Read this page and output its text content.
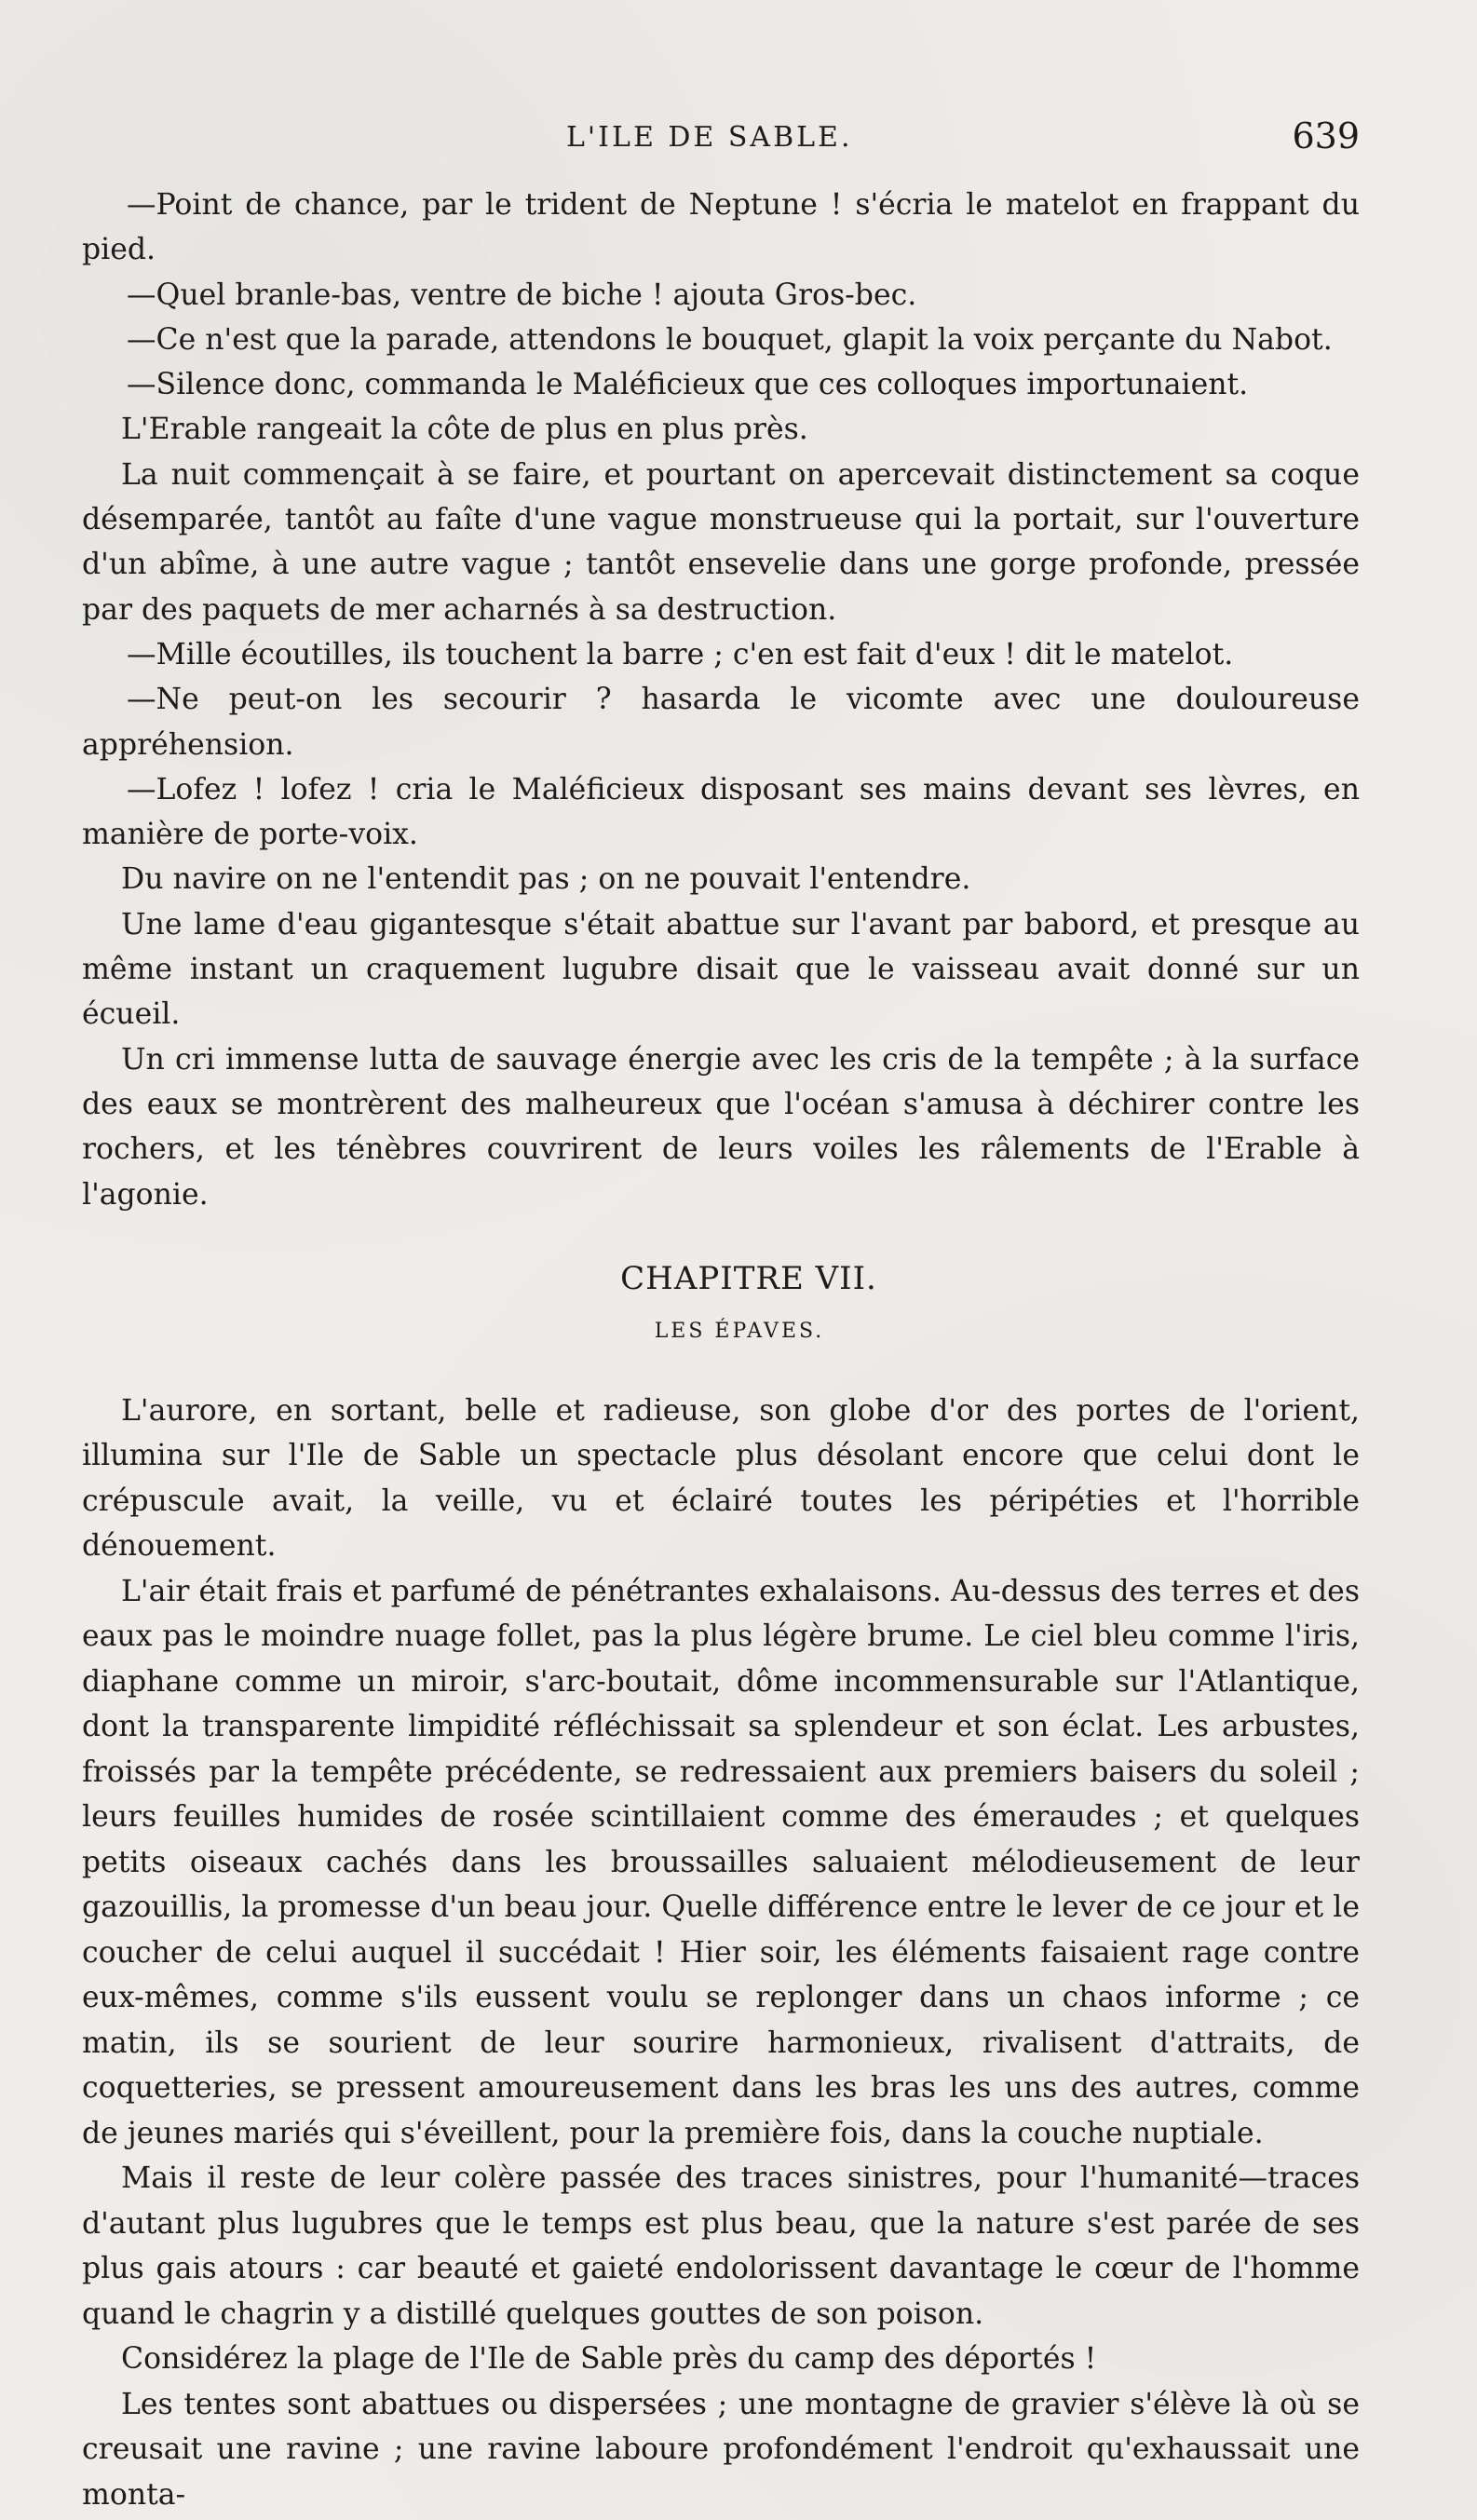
L'ILE DE SABLE.	639

—Point de chance, par le trident de Neptune ! s'écria le matelot en frappant du pied.

—Quel branle-bas, ventre de biche ! ajouta Gros-bec.

—Ce n'est que la parade, attendons le bouquet, glapit la voix perçante du Nabot.

—Silence donc, commanda le Maléficieux que ces colloques importunaient.

L'Erable rangeait la côte de plus en plus près.

La nuit commençait à se faire, et pourtant on apercevait distinctement sa coque désemparée, tantôt au faîte d'une vague monstrueuse qui la portait, sur l'ouverture d'un abîme, à une autre vague ; tantôt ensevelie dans une gorge profonde, pressée par des paquets de mer acharnés à sa destruction.

—Mille écoutilles, ils touchent la barre ; c'en est fait d'eux ! dit le matelot.

—Ne peut-on les secourir ? hasarda le vicomte avec une douloureuse appréhension.

—Lofez ! lofez ! cria le Maléficieux disposant ses mains devant ses lèvres, en manière de porte-voix.

Du navire on ne l'entendit pas ; on ne pouvait l'entendre.

Une lame d'eau gigantesque s'était abattue sur l'avant par babord, et presque au même instant un craquement lugubre disait que le vaisseau avait donné sur un écueil.

Un cri immense lutta de sauvage énergie avec les cris de la tempête ; à la surface des eaux se montrèrent des malheureux que l'océan s'amusa à déchirer contre les rochers, et les ténèbres couvrirent de leurs voiles les râlements de l'Erable à l'agonie.

CHAPITRE VII.
LES ÉPAVES.

L'aurore, en sortant, belle et radieuse, son globe d'or des portes de l'orient, illumina sur l'Ile de Sable un spectacle plus désolant encore que celui dont le crépuscule avait, la veille, vu et éclairé toutes les péripéties et l'horrible dénouement.

L'air était frais et parfumé de pénétrantes exhalaisons. Au-dessus des terres et des eaux pas le moindre nuage follet, pas la plus légère brume. Le ciel bleu comme l'iris, diaphane comme un miroir, s'arc-boutait, dôme incommensurable sur l'Atlantique, dont la transparente limpidité réfléchissait sa splendeur et son éclat. Les arbustes, froissés par la tempête précédente, se redressaient aux premiers baisers du soleil ; leurs feuilles humides de rosée scintillaient comme des émeraudes ; et quelques petits oiseaux cachés dans les broussailles saluaient mélodieusement de leur gazouillis, la promesse d'un beau jour. Quelle différence entre le lever de ce jour et le coucher de celui auquel il succédait ! Hier soir, les éléments faisaient rage contre eux-mêmes, comme s'ils eussent voulu se replonger dans un chaos informe ; ce matin, ils se sourient de leur sourire harmonieux, rivalisent d'attraits, de coquetteries, se pressent amoureusement dans les bras les uns des autres, comme de jeunes mariés qui s'éveillent, pour la première fois, dans la couche nuptiale.

Mais il reste de leur colère passée des traces sinistres, pour l'humanité—traces d'autant plus lugubres que le temps est plus beau, que la nature s'est parée de ses plus gais atours : car beauté et gaieté endolorissent davantage le cœur de l'homme quand le chagrin y a distillé quelques gouttes de son poison.

Considérez la plage de l'Ile de Sable près du camp des déportés !

Les tentes sont abattues ou dispersées ; une montagne de gravier s'élève là où se creusait une ravine ; une ravine laboure profondément l'endroit qu'exhaussait une monta-
